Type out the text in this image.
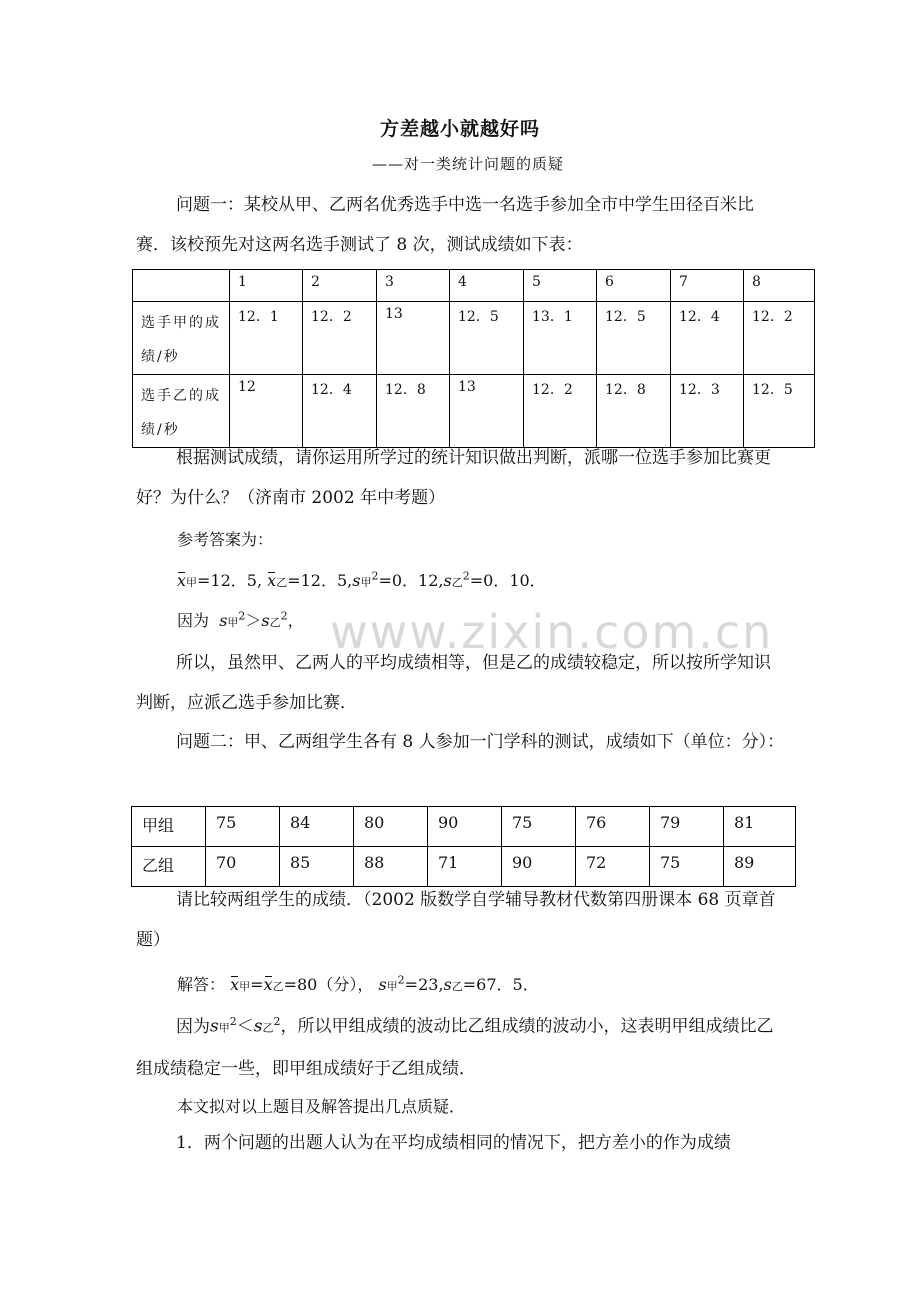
www.zixin.com.cn
方差越小就越好吗
——对一类统计问题的质疑
问题一：某校从甲、乙两名优秀选手中选一名选手参加全市中学生田径百米比赛．该校预先对这两名选手测试了 8 次，测试成绩如下表：
	1	2	3	4	5	6	7	8
选手甲的成绩/秒	12．1	12．2	13	12．5	13．1	12．5	12．4	12．2
选手乙的成绩/秒	12	12．4	12．8	13	12．2	12．8	12．3	12．5
根据测试成绩，请你运用所学过的统计知识做出判断，派哪一位选手参加比赛更好？为什么？（济南市 2002 年中考题）
参考答案为：
x甲=12．5, x乙=12．5,s甲$^2$=0．12,s乙$^2$=0．10．
因为 s甲$^2$＞s乙$^2$，
所以，虽然甲、乙两人的平均成绩相等，但是乙的成绩较稳定，所以按所学知识判断，应派乙选手参加比赛．
问题二：甲、乙两组学生各有 8 人参加一门学科的测试，成绩如下（单位：分）：
甲组	75	84	80	90	75	76	79	81
乙组	70	85	88	71	90	72	75	89
请比较两组学生的成绩．（2002 版数学自学辅导教材代数第四册课本 68 页章首题）
解答： x甲=x乙=80（分）， s甲$^2$=23,s乙=67．5．
因为s甲$^2$＜s乙$^2$，所以甲组成绩的波动比乙组成绩的波动小，这表明甲组成绩比乙组成绩稳定一些，即甲组成绩好于乙组成绩．
本文拟对以上题目及解答提出几点质疑．
1．两个问题的出题人认为在平均成绩相同的情况下，把方差小的作为成绩
